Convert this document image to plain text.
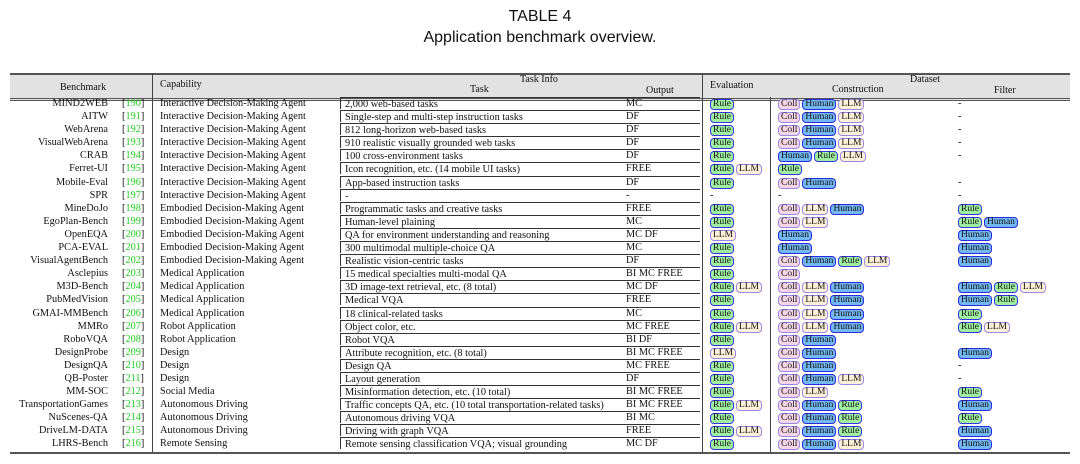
TABLE 4
Application benchmark overview.
Benchmark	Capability	Task Info
Task	Output	Evaluation
Dataset
Construction	Filter
MIND2WEB [190] Interactive Decision-Making Agent	2,000 web-based tasks	MC	Rule	Coll Human LLM	-
AITW [191] Interactive Decision-Making Agent	Single-step and multi-step instruction tasks	DF	Rule	Coll Human LLM	-
WebArena [192] Interactive Decision-Making Agent	812 long-horizon web-based tasks	DF	Rule	Coll Human LLM	-
VisualWebArena [193] Interactive Decision-Making Agent	910 realistic visually grounded web tasks	DF	Rule	Coll Human LLM	-
CRAB [194] Interactive Decision-Making Agent	100 cross-environment tasks	DF	Rule	Human Rule LLM	-
Ferret-UI [195] Interactive Decision-Making Agent	Icon recognition, etc. (14 mobile UI tasks)	FREE	Rule LLM	Rule
Mobile-Eval [196] Interactive Decision-Making Agent	App-based instruction tasks	DF	Rule	Coll Human	-
SPR [197] Interactive Decision-Making Agent	-	-	-	-	-
MineDoJo [198] Embodied Decision-Making Agent	Programmatic tasks and creative tasks	FREE	Rule	Coll LLM Human	Rule
EgoPlan-Bench [199] Embodied Decision-Making Agent	Human-level plaining	MC	Rule	Coll LLM	Rule Human
OpenEQA [200] Embodied Decision-Making Agent	QA for environment understanding and reasoning	MC DF	LLM	Human	Human
PCA-EVAL [201] Embodied Decision-Making Agent	300 multimodal multiple-choice QA	MC	Rule	Human	Human
VisualAgentBench [202] Embodied Decision-Making Agent	Realistic vision-centric tasks	DF	Rule	Coll Human Rule LLM	Human
Asclepius [203] Medical Application	15 medical specialties multi-modal QA	BI MC FREE	Rule	Coll
M3D-Bench [204] Medical Application	3D image-text retrieval, etc. (8 total)	MC DF	Rule LLM	Coll LLM Human	Human Rule LLM
PubMedVision [205] Medical Application	Medical VQA	FREE	Rule	Coll LLM Human	Human Rule
GMAI-MMBench [206] Medical Application	18 clinical-related tasks	MC	Rule	Coll LLM Human	Rule
MMRo [207] Robot Application	Object color, etc.	MC FREE	Rule LLM	Coll LLM Human	Rule LLM
RoboVQA [208] Robot Application	Robot VQA	BI DF	Rule	Coll Human
DesignProbe [209] Design	Attribute recognition, etc. (8 total)	BI MC FREE	LLM	Coll Human	Human
DesignQA [210] Design	Design QA	MC FREE	Rule	Coll Human	-
QB-Poster [211] Design	Layout generation	DF	Rule	Coll Human LLM	-
MM-SOC [212] Social Media	Misinformation detection, etc. (10 total)	BI MC FREE	Rule	Coll LLM	Rule
TransportationGames [213] Autonomous Driving	Traffic concepts QA, etc. (10 total transportation-related tasks)	BI MC FREE	Rule LLM	Coll Human Rule	Human
NuScenes-QA [214] Autonomous Driving	Autonomous driving VQA	BI MC	Rule	Coll Human Rule	Rule
DriveLM-DATA [215] Autonomous Driving	Driving with graph VQA	FREE	Rule LLM	Coll Human Rule	Human
LHRS-Bench [216] Remote Sensing	Remote sensing classification VQA; visual grounding	MC DF	Rule	Coll Human LLM	Human
